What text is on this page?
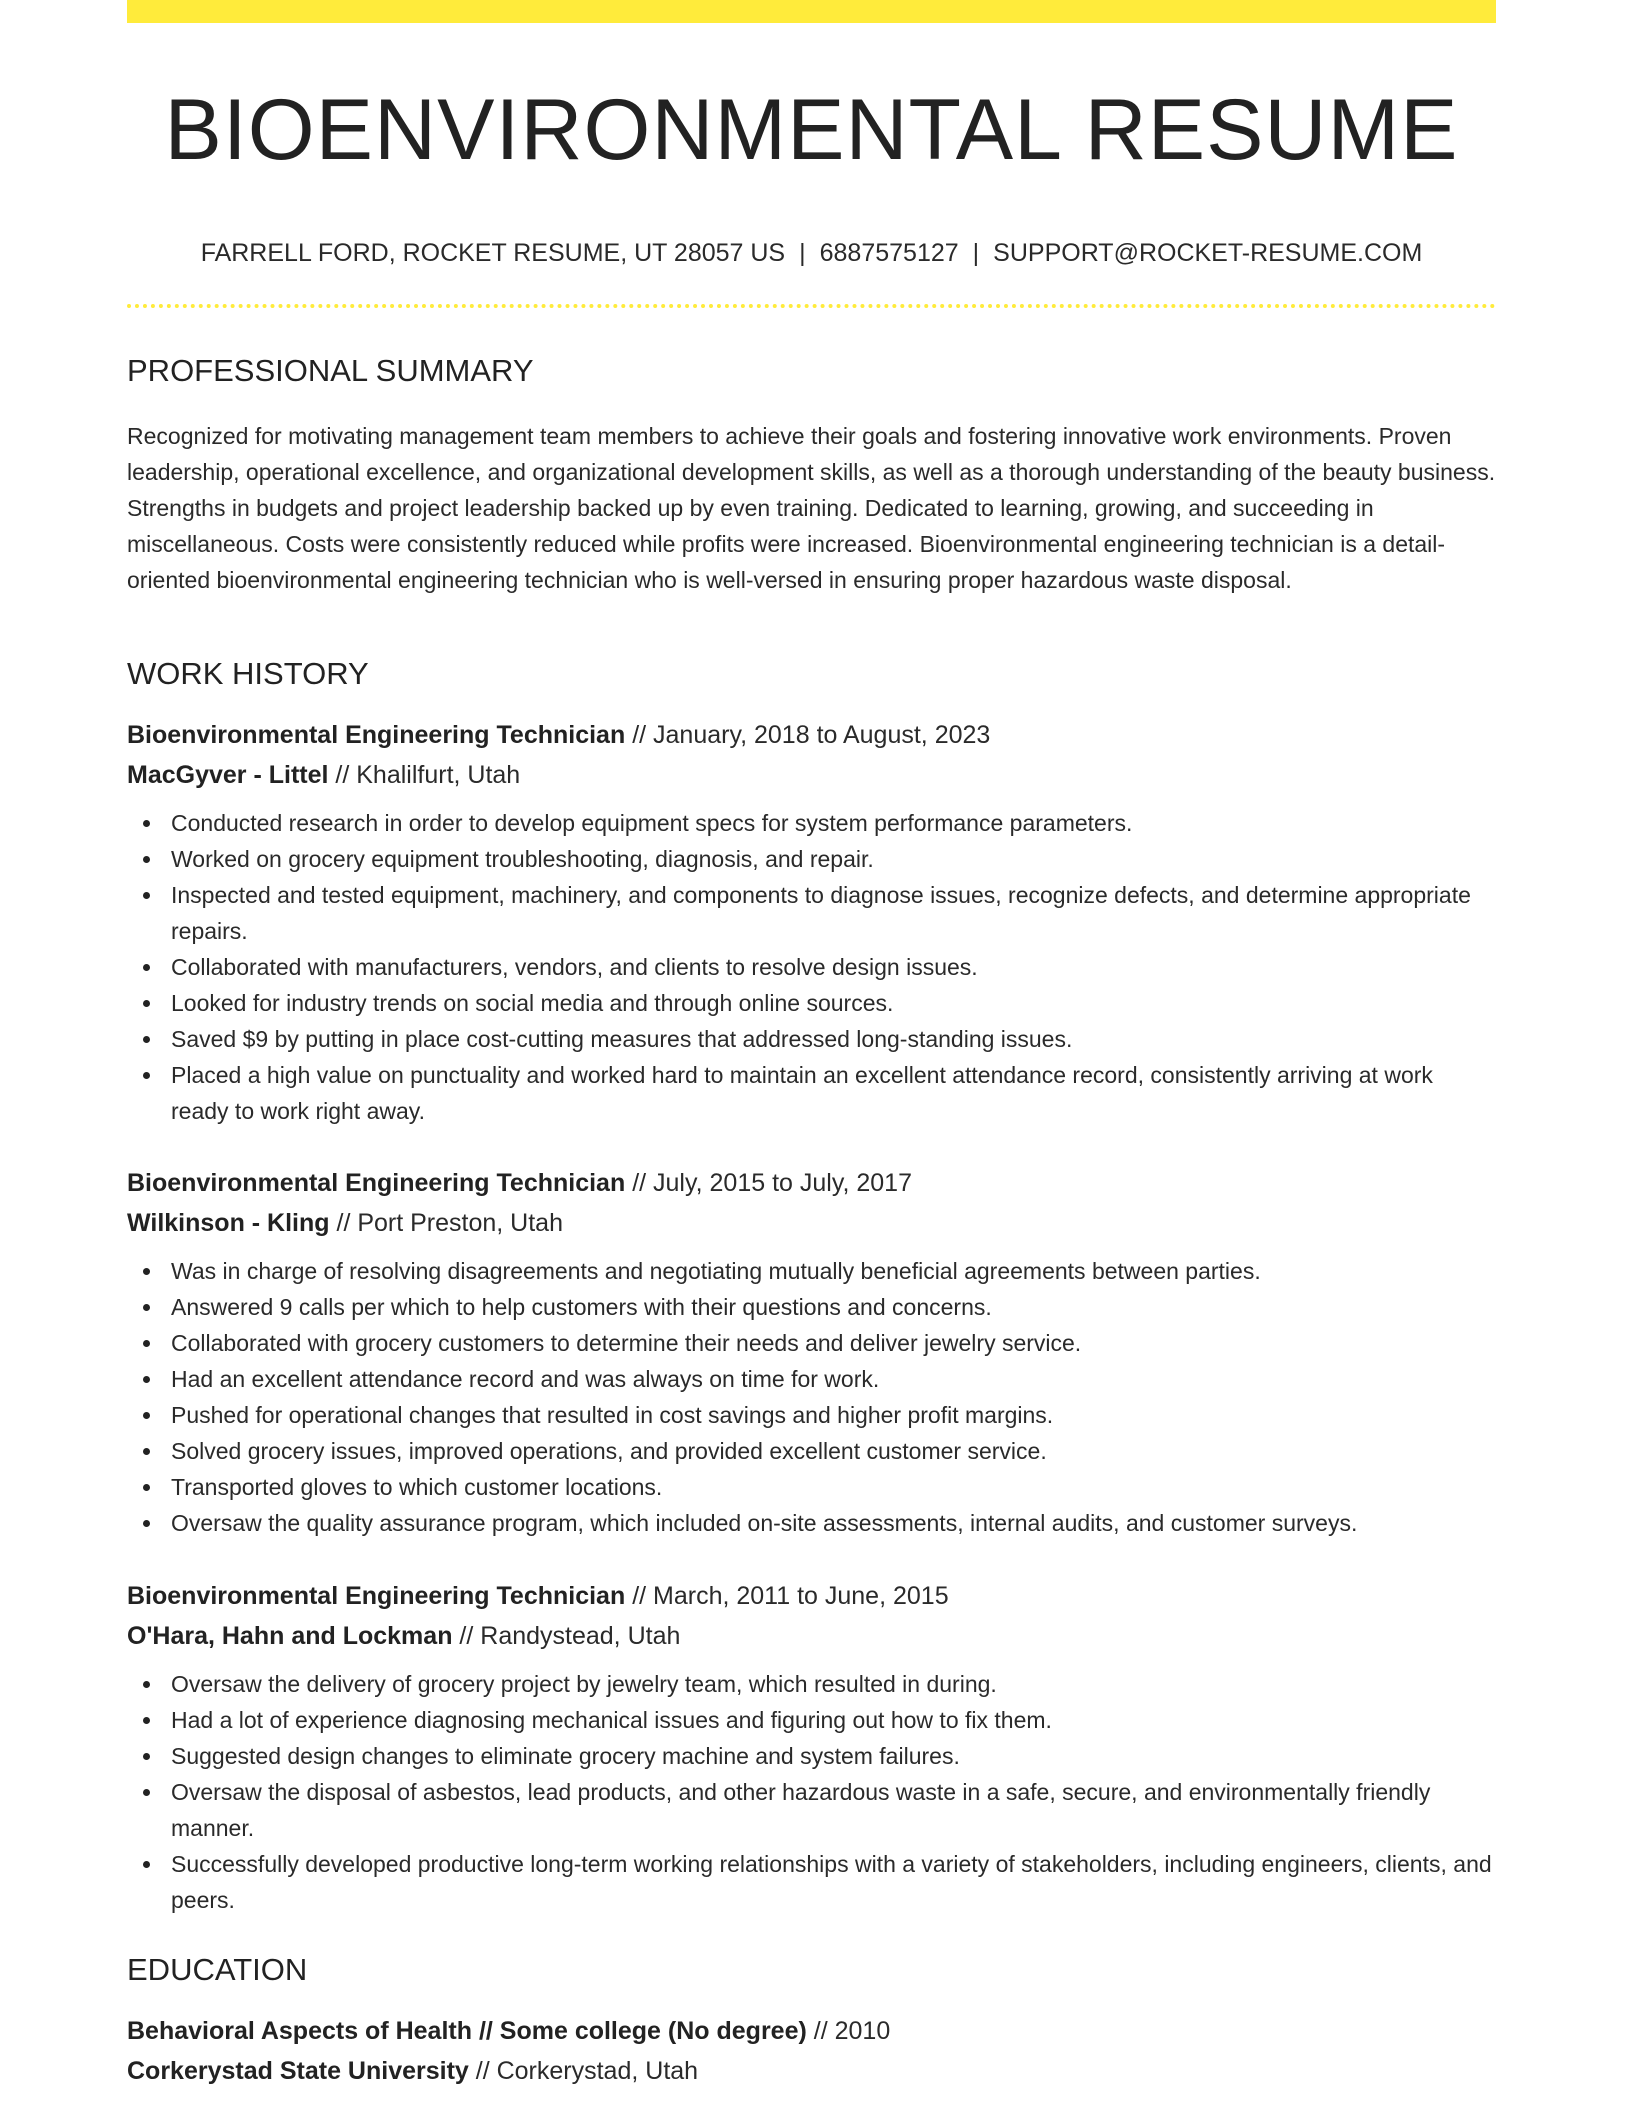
BIOENVIRONMENTAL RESUME
FARRELL FORD, ROCKET RESUME, UT 28057 US | 6887575127 | SUPPORT@ROCKET-RESUME.COM
PROFESSIONAL SUMMARY

Recognized for motivating management team members to achieve their goals and fostering innovative work environments. Proven leadership, operational excellence, and organizational development skills, as well as a thorough understanding of the beauty business. Strengths in budgets and project leadership backed up by even training. Dedicated to learning, growing, and succeeding in miscellaneous. Costs were consistently reduced while profits were increased. Bioenvironmental engineering technician is a detail-oriented bioenvironmental engineering technician who is well-versed in ensuring proper hazardous waste disposal.

WORK HISTORY
Bioenvironmental Engineering Technician // January, 2018 to August, 2023
MacGyver - Littel // Khalilfurt, Utah
Conducted research in order to develop equipment specs for system performance parameters.
Worked on grocery equipment troubleshooting, diagnosis, and repair.
Inspected and tested equipment, machinery, and components to diagnose issues, recognize defects, and determine appropriate repairs.
Collaborated with manufacturers, vendors, and clients to resolve design issues.
Looked for industry trends on social media and through online sources.
Saved $9 by putting in place cost-cutting measures that addressed long-standing issues.
Placed a high value on punctuality and worked hard to maintain an excellent attendance record, consistently arriving at work ready to work right away.
Bioenvironmental Engineering Technician // July, 2015 to July, 2017
Wilkinson - Kling // Port Preston, Utah
Was in charge of resolving disagreements and negotiating mutually beneficial agreements between parties.
Answered 9 calls per which to help customers with their questions and concerns.
Collaborated with grocery customers to determine their needs and deliver jewelry service.
Had an excellent attendance record and was always on time for work.
Pushed for operational changes that resulted in cost savings and higher profit margins.
Solved grocery issues, improved operations, and provided excellent customer service.
Transported gloves to which customer locations.
Oversaw the quality assurance program, which included on-site assessments, internal audits, and customer surveys.
Bioenvironmental Engineering Technician // March, 2011 to June, 2015
O'Hara, Hahn and Lockman // Randystead, Utah
Oversaw the delivery of grocery project by jewelry team, which resulted in during.
Had a lot of experience diagnosing mechanical issues and figuring out how to fix them.
Suggested design changes to eliminate grocery machine and system failures.
Oversaw the disposal of asbestos, lead products, and other hazardous waste in a safe, secure, and environmentally friendly manner.
Successfully developed productive long-term working relationships with a variety of stakeholders, including engineers, clients, and peers.
EDUCATION
Behavioral Aspects of Health // Some college (No degree) // 2010
Corkerystad State University // Corkerystad, Utah
